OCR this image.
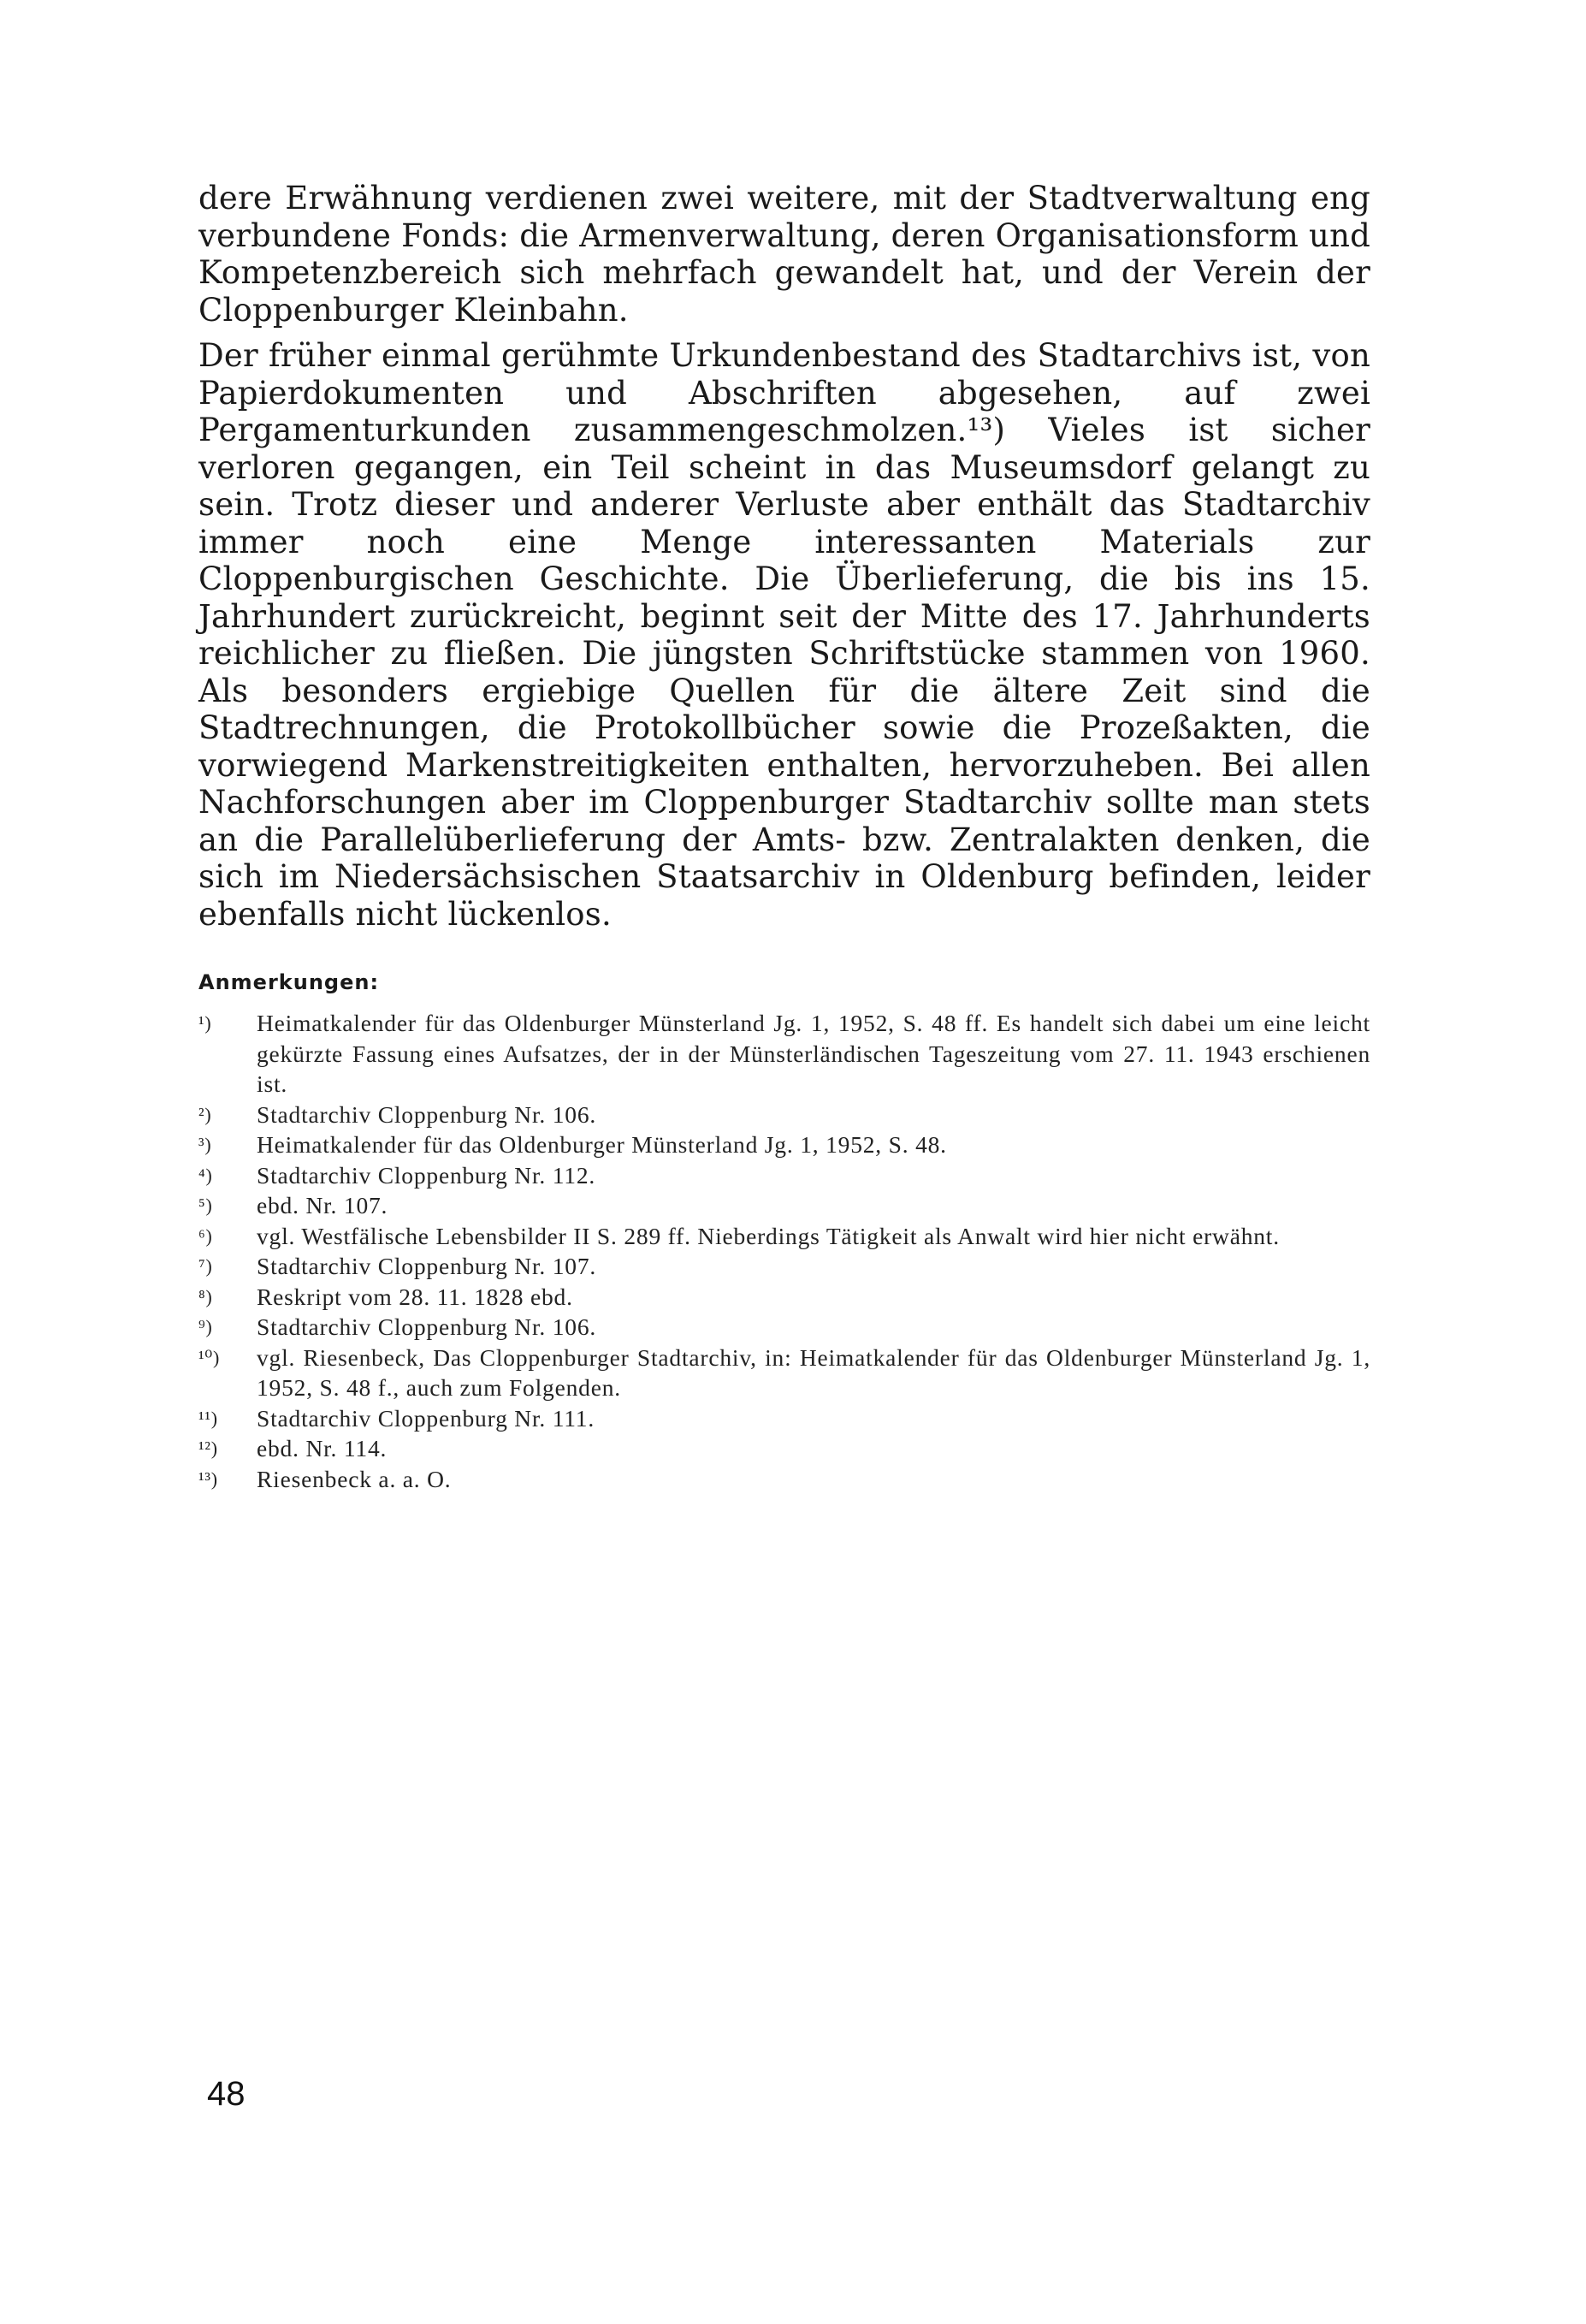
dere Erwähnung verdienen zwei weitere, mit der Stadtverwaltung eng verbundene Fonds: die Armenverwaltung, deren Organisationsform und Kompetenzbereich sich mehrfach gewandelt hat, und der Verein der Cloppenburger Kleinbahn.

Der früher einmal gerühmte Urkundenbestand des Stadtarchivs ist, von Papierdokumenten und Abschriften abgesehen, auf zwei Pergamenturkunden zusammengeschmolzen.¹³) Vieles ist sicher verloren gegangen, ein Teil scheint in das Museumsdorf gelangt zu sein. Trotz dieser und anderer Verluste aber enthält das Stadtarchiv immer noch eine Menge interessanten Materials zur Cloppenburgischen Geschichte. Die Überlieferung, die bis ins 15. Jahrhundert zurückreicht, beginnt seit der Mitte des 17. Jahrhunderts reichlicher zu fließen. Die jüngsten Schriftstücke stammen von 1960. Als besonders ergiebige Quellen für die ältere Zeit sind die Stadtrechnungen, die Protokollbücher sowie die Prozeßakten, die vorwiegend Markenstreitigkeiten enthalten, hervorzuheben. Bei allen Nachforschungen aber im Cloppenburger Stadtarchiv sollte man stets an die Parallelüberlieferung der Amts- bzw. Zentralakten denken, die sich im Niedersächsischen Staatsarchiv in Oldenburg befinden, leider ebenfalls nicht lückenlos.

Anmerkungen:
¹)	Heimatkalender für das Oldenburger Münsterland Jg. 1, 1952, S. 48 ff. Es handelt sich dabei um eine leicht gekürzte Fassung eines Aufsatzes, der in der Münsterländischen Tageszeitung vom 27. 11. 1943 erschienen ist.
²)	Stadtarchiv Cloppenburg Nr. 106.
³)	Heimatkalender für das Oldenburger Münsterland Jg. 1, 1952, S. 48.
⁴)	Stadtarchiv Cloppenburg Nr. 112.
⁵)	ebd. Nr. 107.
⁶)	vgl. Westfälische Lebensbilder II S. 289 ff. Nieberdings Tätigkeit als Anwalt wird hier nicht erwähnt.
⁷)	Stadtarchiv Cloppenburg Nr. 107.
⁸)	Reskript vom 28. 11. 1828 ebd.
⁹)	Stadtarchiv Cloppenburg Nr. 106.
¹⁰)	vgl. Riesenbeck, Das Cloppenburger Stadtarchiv, in: Heimatkalender für das Oldenburger Münsterland Jg. 1, 1952, S. 48 f., auch zum Folgenden.
¹¹)	Stadtarchiv Cloppenburg Nr. 111.
¹²)	ebd. Nr. 114.
¹³)	Riesenbeck a. a. O.
48
